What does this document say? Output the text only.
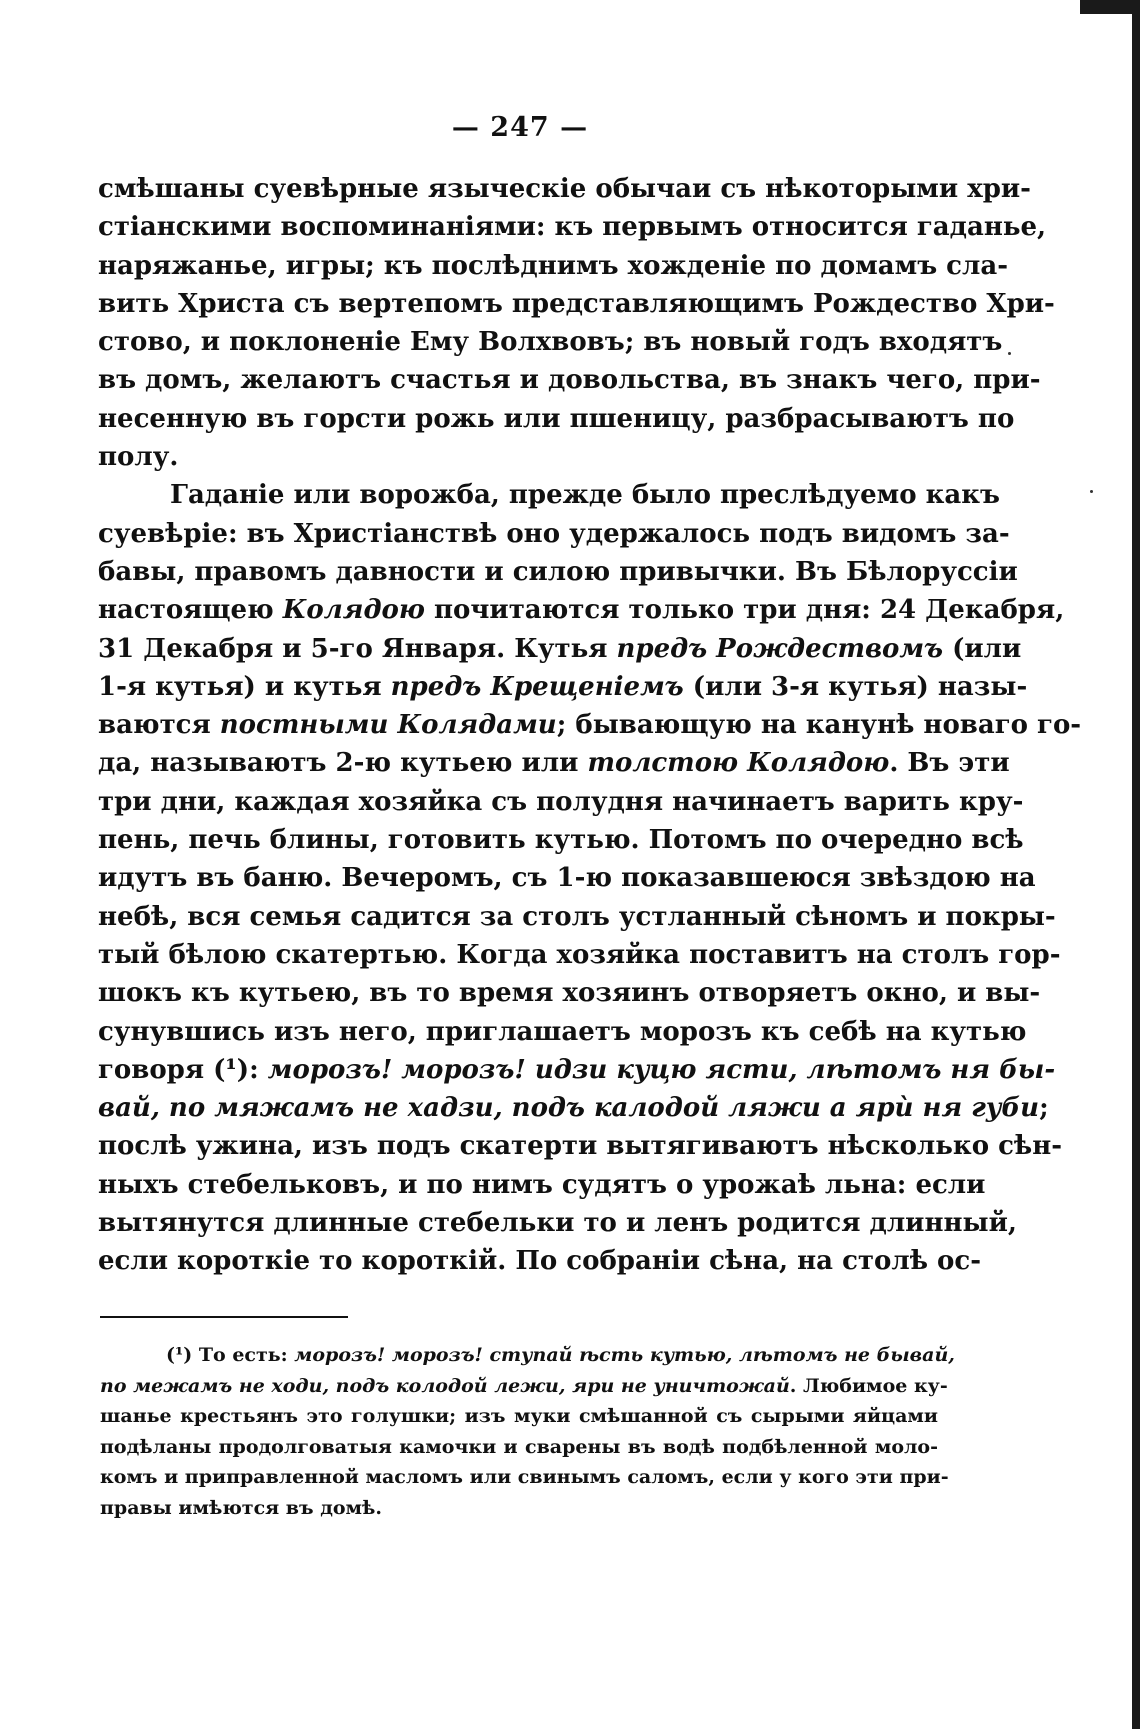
— 247 —
смѣшаны суевѣрные языческіе обычаи съ нѣкоторыми хри-
стіанскими воспоминаніями: къ первымъ относится гаданье,
наряжанье, игры; къ послѣднимъ хожденіе по домамъ сла-
вить Христа съ вертепомъ представляющимъ Рождество Хри-
стово, и поклоненіе Ему Волхвовъ; въ новый годъ входятъ
въ домъ, желаютъ счастья и довольства, въ знакъ чего, при-
несенную въ горсти рожь или пшеницу, разбрасываютъ по
полу.
Гаданіе или ворожба, прежде было преслѣдуемо какъ
суевѣріе: въ Христіанствѣ оно удержалось подъ видомъ за-
бавы, правомъ давности и силою привычки. Въ Бѣлоруссіи
настоящею Колядою почитаются только три дня: 24 Декабря,
31 Декабря и 5-го Января. Кутья предъ Рождествомъ (или
1-я кутья) и кутья предъ Крещеніемъ (или 3-я кутья) назы-
ваются постными Колядами; бывающую на канунѣ новаго го-
да, называютъ 2-ю кутьею или толстою Колядою. Въ эти
три дни, каждая хозяйка съ полудня начинаетъ варить кру-
пень, печь блины, готовить кутью. Потомъ по очередно всѣ
идутъ въ баню. Вечеромъ, съ 1-ю показавшеюся звѣздою на
небѣ, вся семья садится за столъ устланный сѣномъ и покры-
тый бѣлою скатертью. Когда хозяйка поставитъ на столъ гор-
шокъ къ кутьею, въ то время хозяинъ отворяетъ окно, и вы-
сунувшись изъ него, приглашаетъ морозъ къ себѣ на кутью
говоря (¹): морозъ! морозъ! идзи куцю ясти, лѣтомъ ня бы-
вай, по мяжамъ не хадзи, подъ калодой ляжи а ярѝ ня губи;
послѣ ужина, изъ подъ скатерти вытягиваютъ нѣсколько сѣн-
ныхъ стебельковъ, и по нимъ судятъ о урожаѣ льна: если
вытянутся длинные стебельки то и ленъ родится длинный,
если короткіе то короткій. По собраніи сѣна, на столѣ ос-
(¹) То есть: морозъ! морозъ! ступай ѣсть кутью, лѣтомъ не бывай,
по межамъ не ходи, подъ колодой лежи, яри не уничтожай. Любимое ку-
шанье крестьянъ это голушки; изъ муки смѣшанной съ сырыми яйцами
подѣланы продолговатыя камочки и сварены въ водѣ подбѣленной моло-
комъ и приправленной масломъ или свинымъ саломъ, если у кого эти при-
правы имѣются въ домѣ.
